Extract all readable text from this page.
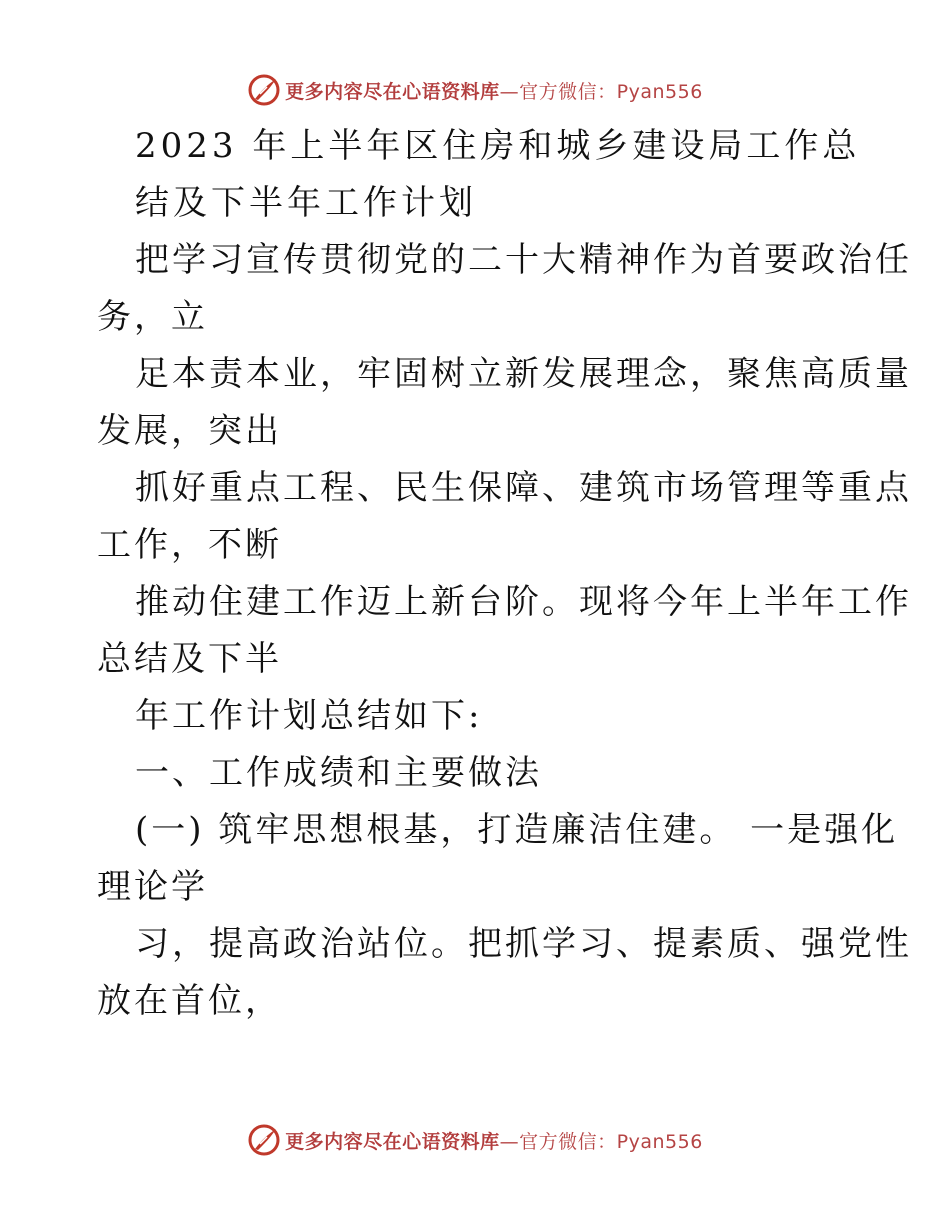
更多内容尽在心语资料库—官方微信：Pyan556
2023 年上半年区住房和城乡建设局工作总
结及下半年工作计划
把学习宣传贯彻党的二十大精神作为首要政治任
务，立
足本责本业，牢固树立新发展理念，聚焦高质量
发展，突出
抓好重点工程、民生保障、建筑市场管理等重点
工作，不断
推动住建工作迈上新台阶。现将今年上半年工作
总结及下半
年工作计划总结如下:
一、工作成绩和主要做法
(一) 筑牢思想根基，打造廉洁住建。 一是强化
理论学
习，提高政治站位。把抓学习、提素质、强党性
放在首位，
更多内容尽在心语资料库—官方微信：Pyan556
